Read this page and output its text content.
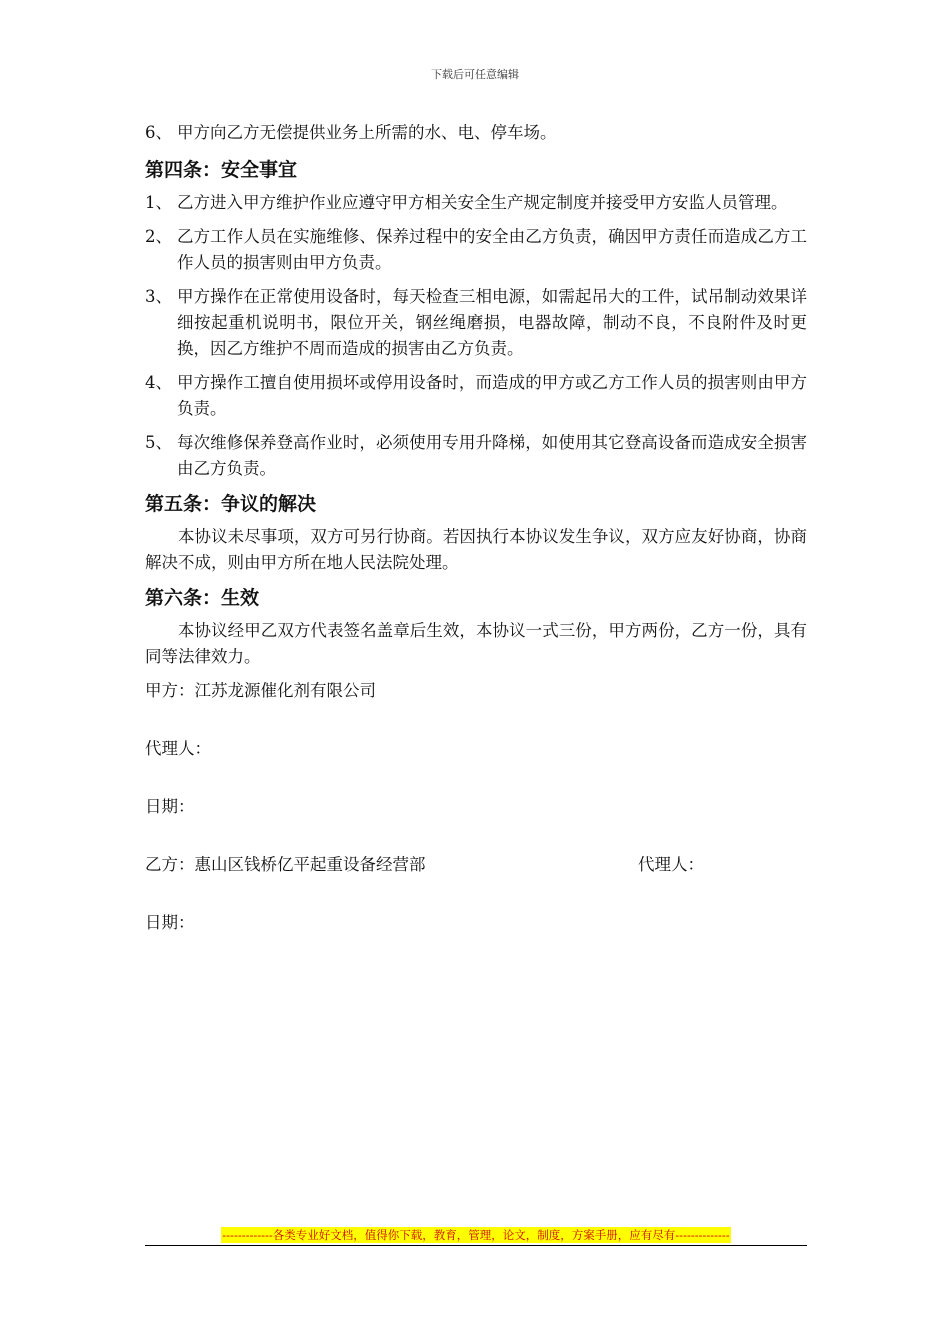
下载后可任意编辑
6、 甲方向乙方无偿提供业务上所需的水、电、停车场。
第四条：安全事宜
1、 乙方进入甲方维护作业应遵守甲方相关安全生产规定制度并接受甲方安监人员管理。
2、 乙方工作人员在实施维修、保养过程中的安全由乙方负责，确因甲方责任而造成乙方工作人员的损害则由甲方负责。
3、 甲方操作在正常使用设备时，每天检查三相电源，如需起吊大的工件，试吊制动效果详细按起重机说明书，限位开关，钢丝绳磨损，电器故障，制动不良，不良附件及时更换，因乙方维护不周而造成的损害由乙方负责。
4、 甲方操作工擅自使用损坏或停用设备时，而造成的甲方或乙方工作人员的损害则由甲方负责。
5、 每次维修保养登高作业时，必须使用专用升降梯，如使用其它登高设备而造成安全损害由乙方负责。
第五条：争议的解决
本协议未尽事项，双方可另行协商。若因执行本协议发生争议，双方应友好协商，协商解决不成，则由甲方所在地人民法院处理。
第六条：生效
本协议经甲乙双方代表签名盖章后生效，本协议一式三份，甲方两份，乙方一份，具有同等法律效力。
甲方：江苏龙源催化剂有限公司
代理人：
日期：
乙方：惠山区钱桥亿平起重设备经营部	代理人：
日期：
-------------各类专业好文档，值得你下载，教育，管理，论文，制度，方案手册，应有尽有--------------
